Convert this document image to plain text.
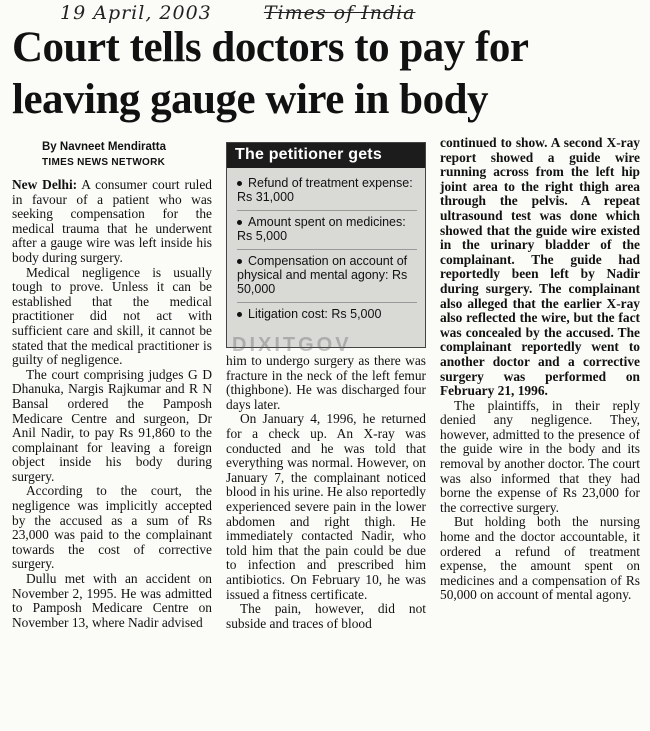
19 April, 2003	Times of India
Court tells doctors to pay for leaving gauge wire in body
By Navneet Mendiratta
TIMES NEWS NETWORK

New Delhi: A consumer court ruled in favour of a patient who was seeking compensation for the medical trauma that he underwent after a gauge wire was left inside his body during surgery.

Medical negligence is usually tough to prove. Unless it can be established that the medical practitioner did not act with sufficient care and skill, it cannot be stated that the medical practitioner is guilty of negligence.

The court comprising judges G D Dhanuka, Nargis Rajkumar and R N Bansal ordered the Pamposh Medicare Centre and surgeon, Dr Anil Nadir, to pay Rs 91,860 to the complainant for leaving a foreign object inside his body during surgery.

According to the court, the negligence was implicitly accepted by the accused as a sum of Rs 23,000 was paid to the complainant towards the cost of corrective surgery.

Dullu met with an accident on November 2, 1995. He was admitted to Pamposh Medicare Centre on November 13, where Nadir advised

The petitioner gets
Refund of treatment expense: Rs 31,000
Amount spent on medicines: Rs 5,000
Compensation on account of physical and mental agony: Rs 50,000
Litigation cost: Rs 5,000
DIXITGOV

him to undergo surgery as there was fracture in the neck of the left femur (thighbone). He was discharged four days later.

On January 4, 1996, he returned for a check up. An X-ray was conducted and he was told that everything was normal. However, on January 7, the complainant noticed blood in his urine. He also reportedly experienced severe pain in the lower abdomen and right thigh. He immediately contacted Nadir, who told him that the pain could be due to infection and prescribed him antibiotics. On February 10, he was issued a fitness certificate.

The pain, however, did not subside and traces of blood

continued to show. A second X-ray report showed a guide wire running across from the left hip joint area to the right thigh area through the pelvis. A repeat ultrasound test was done which showed that the guide wire existed in the urinary bladder of the complainant. The guide had reportedly been left by Nadir during surgery. The complainant also alleged that the earlier X-ray also reflected the wire, but the fact was concealed by the accused. The complainant reportedly went to another doctor and a corrective surgery was performed on February 21, 1996.

The plaintiffs, in their reply denied any negligence. They, however, admitted to the presence of the guide wire in the body and its removal by another doctor. The court was also informed that they had borne the expense of Rs 23,000 for the corrective surgery.

But holding both the nursing home and the doctor accountable, it ordered a refund of treatment expense, the amount spent on medicines and a compensation of Rs 50,000 on account of mental agony.
